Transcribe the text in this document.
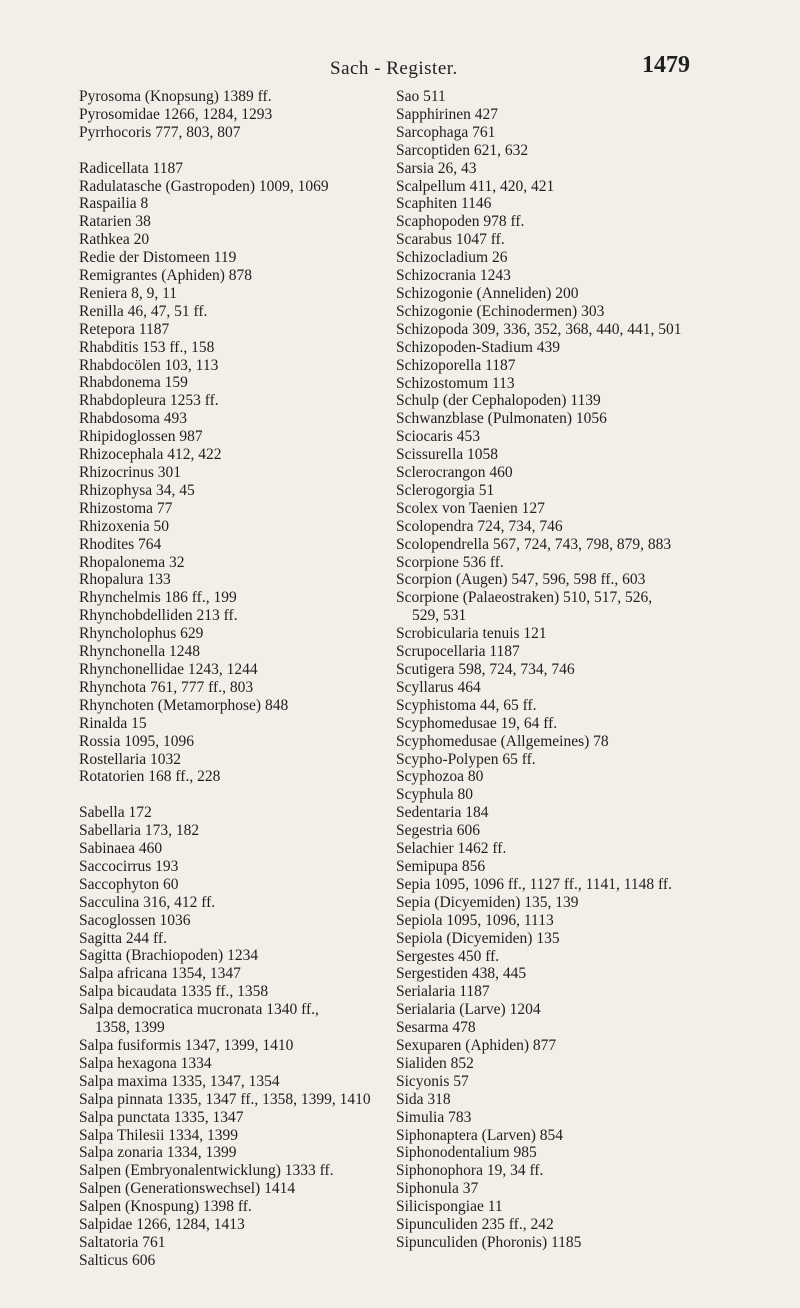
Sach - Register.	1479
Pyrosoma (Knopsung) 1389 ff.
Pyrosomidae 1266, 1284, 1293
Pyrrhocoris 777, 803, 807
Radicellata 1187
Radulatasche (Gastropoden) 1009, 1069
Raspailia 8
Ratarien 38
Rathkea 20
Redie der Distomeen 119
Remigrantes (Aphiden) 878
Reniera 8, 9, 11
Renilla 46, 47, 51 ff.
Retepora 1187
Rhabditis 153 ff., 158
Rhabdocölen 103, 113
Rhabdonema 159
Rhabdopleura 1253 ff.
Rhabdosoma 493
Rhipidoglossen 987
Rhizocephala 412, 422
Rhizocrinus 301
Rhizophysa 34, 45
Rhizostoma 77
Rhizoxenia 50
Rhodites 764
Rhopalonema 32
Rhopalura 133
Rhynchelmis 186 ff., 199
Rhynchobdelliden 213 ff.
Rhyncholophus 629
Rhynchonella 1248
Rhynchonellidae 1243, 1244
Rhynchota 761, 777 ff., 803
Rhynchoten (Metamorphose) 848
Rinalda 15
Rossia 1095, 1096
Rostellaria 1032
Rotatorien 168 ff., 228
Sabella 172
Sabellaria 173, 182
Sabinaea 460
Saccocirrus 193
Saccophyton 60
Sacculina 316, 412 ff.
Sacoglossen 1036
Sagitta 244 ff.
Sagitta (Brachiopoden) 1234
Salpa africana 1354, 1347
Salpa bicaudata 1335 ff., 1358
Salpa democratica mucronata 1340 ff.,
1358, 1399
Salpa fusiformis 1347, 1399, 1410
Salpa hexagona 1334
Salpa maxima 1335, 1347, 1354
Salpa pinnata 1335, 1347 ff., 1358, 1399, 1410
Salpa punctata 1335, 1347
Salpa Thilesii 1334, 1399
Salpa zonaria 1334, 1399
Salpen (Embryonalentwicklung) 1333 ff.
Salpen (Generationswechsel) 1414
Salpen (Knospung) 1398 ff.
Salpidae 1266, 1284, 1413
Saltatoria 761
Salticus 606
Sao 511
Sapphirinen 427
Sarcophaga 761
Sarcoptiden 621, 632
Sarsia 26, 43
Scalpellum 411, 420, 421
Scaphiten 1146
Scaphopoden 978 ff.
Scarabus 1047 ff.
Schizocladium 26
Schizocrania 1243
Schizogonie (Anneliden) 200
Schizogonie (Echinodermen) 303
Schizopoda 309, 336, 352, 368, 440, 441, 501
Schizopoden-Stadium 439
Schizoporella 1187
Schizostomum 113
Schulp (der Cephalopoden) 1139
Schwanzblase (Pulmonaten) 1056
Sciocaris 453
Scissurella 1058
Sclerocrangon 460
Sclerogorgia 51
Scolex von Taenien 127
Scolopendra 724, 734, 746
Scolopendrella 567, 724, 743, 798, 879, 883
Scorpione 536 ff.
Scorpion (Augen) 547, 596, 598 ff., 603
Scorpione (Palaeostraken) 510, 517, 526,
529, 531
Scrobicularia tenuis 121
Scrupocellaria 1187
Scutigera 598, 724, 734, 746
Scyllarus 464
Scyphistoma 44, 65 ff.
Scyphomedusae 19, 64 ff.
Scyphomedusae (Allgemeines) 78
Scypho-Polypen 65 ff.
Scyphozoa 80
Scyphula 80
Sedentaria 184
Segestria 606
Selachier 1462 ff.
Semipupa 856
Sepia 1095, 1096 ff., 1127 ff., 1141, 1148 ff.
Sepia (Dicyemiden) 135, 139
Sepiola 1095, 1096, 1113
Sepiola (Dicyemiden) 135
Sergestes 450 ff.
Sergestiden 438, 445
Serialaria 1187
Serialaria (Larve) 1204
Sesarma 478
Sexuparen (Aphiden) 877
Sialiden 852
Sicyonis 57
Sida 318
Simulia 783
Siphonaptera (Larven) 854
Siphonodentalium 985
Siphonophora 19, 34 ff.
Siphonula 37
Silicispongiae 11
Sipunculiden 235 ff., 242
Sipunculiden (Phoronis) 1185
